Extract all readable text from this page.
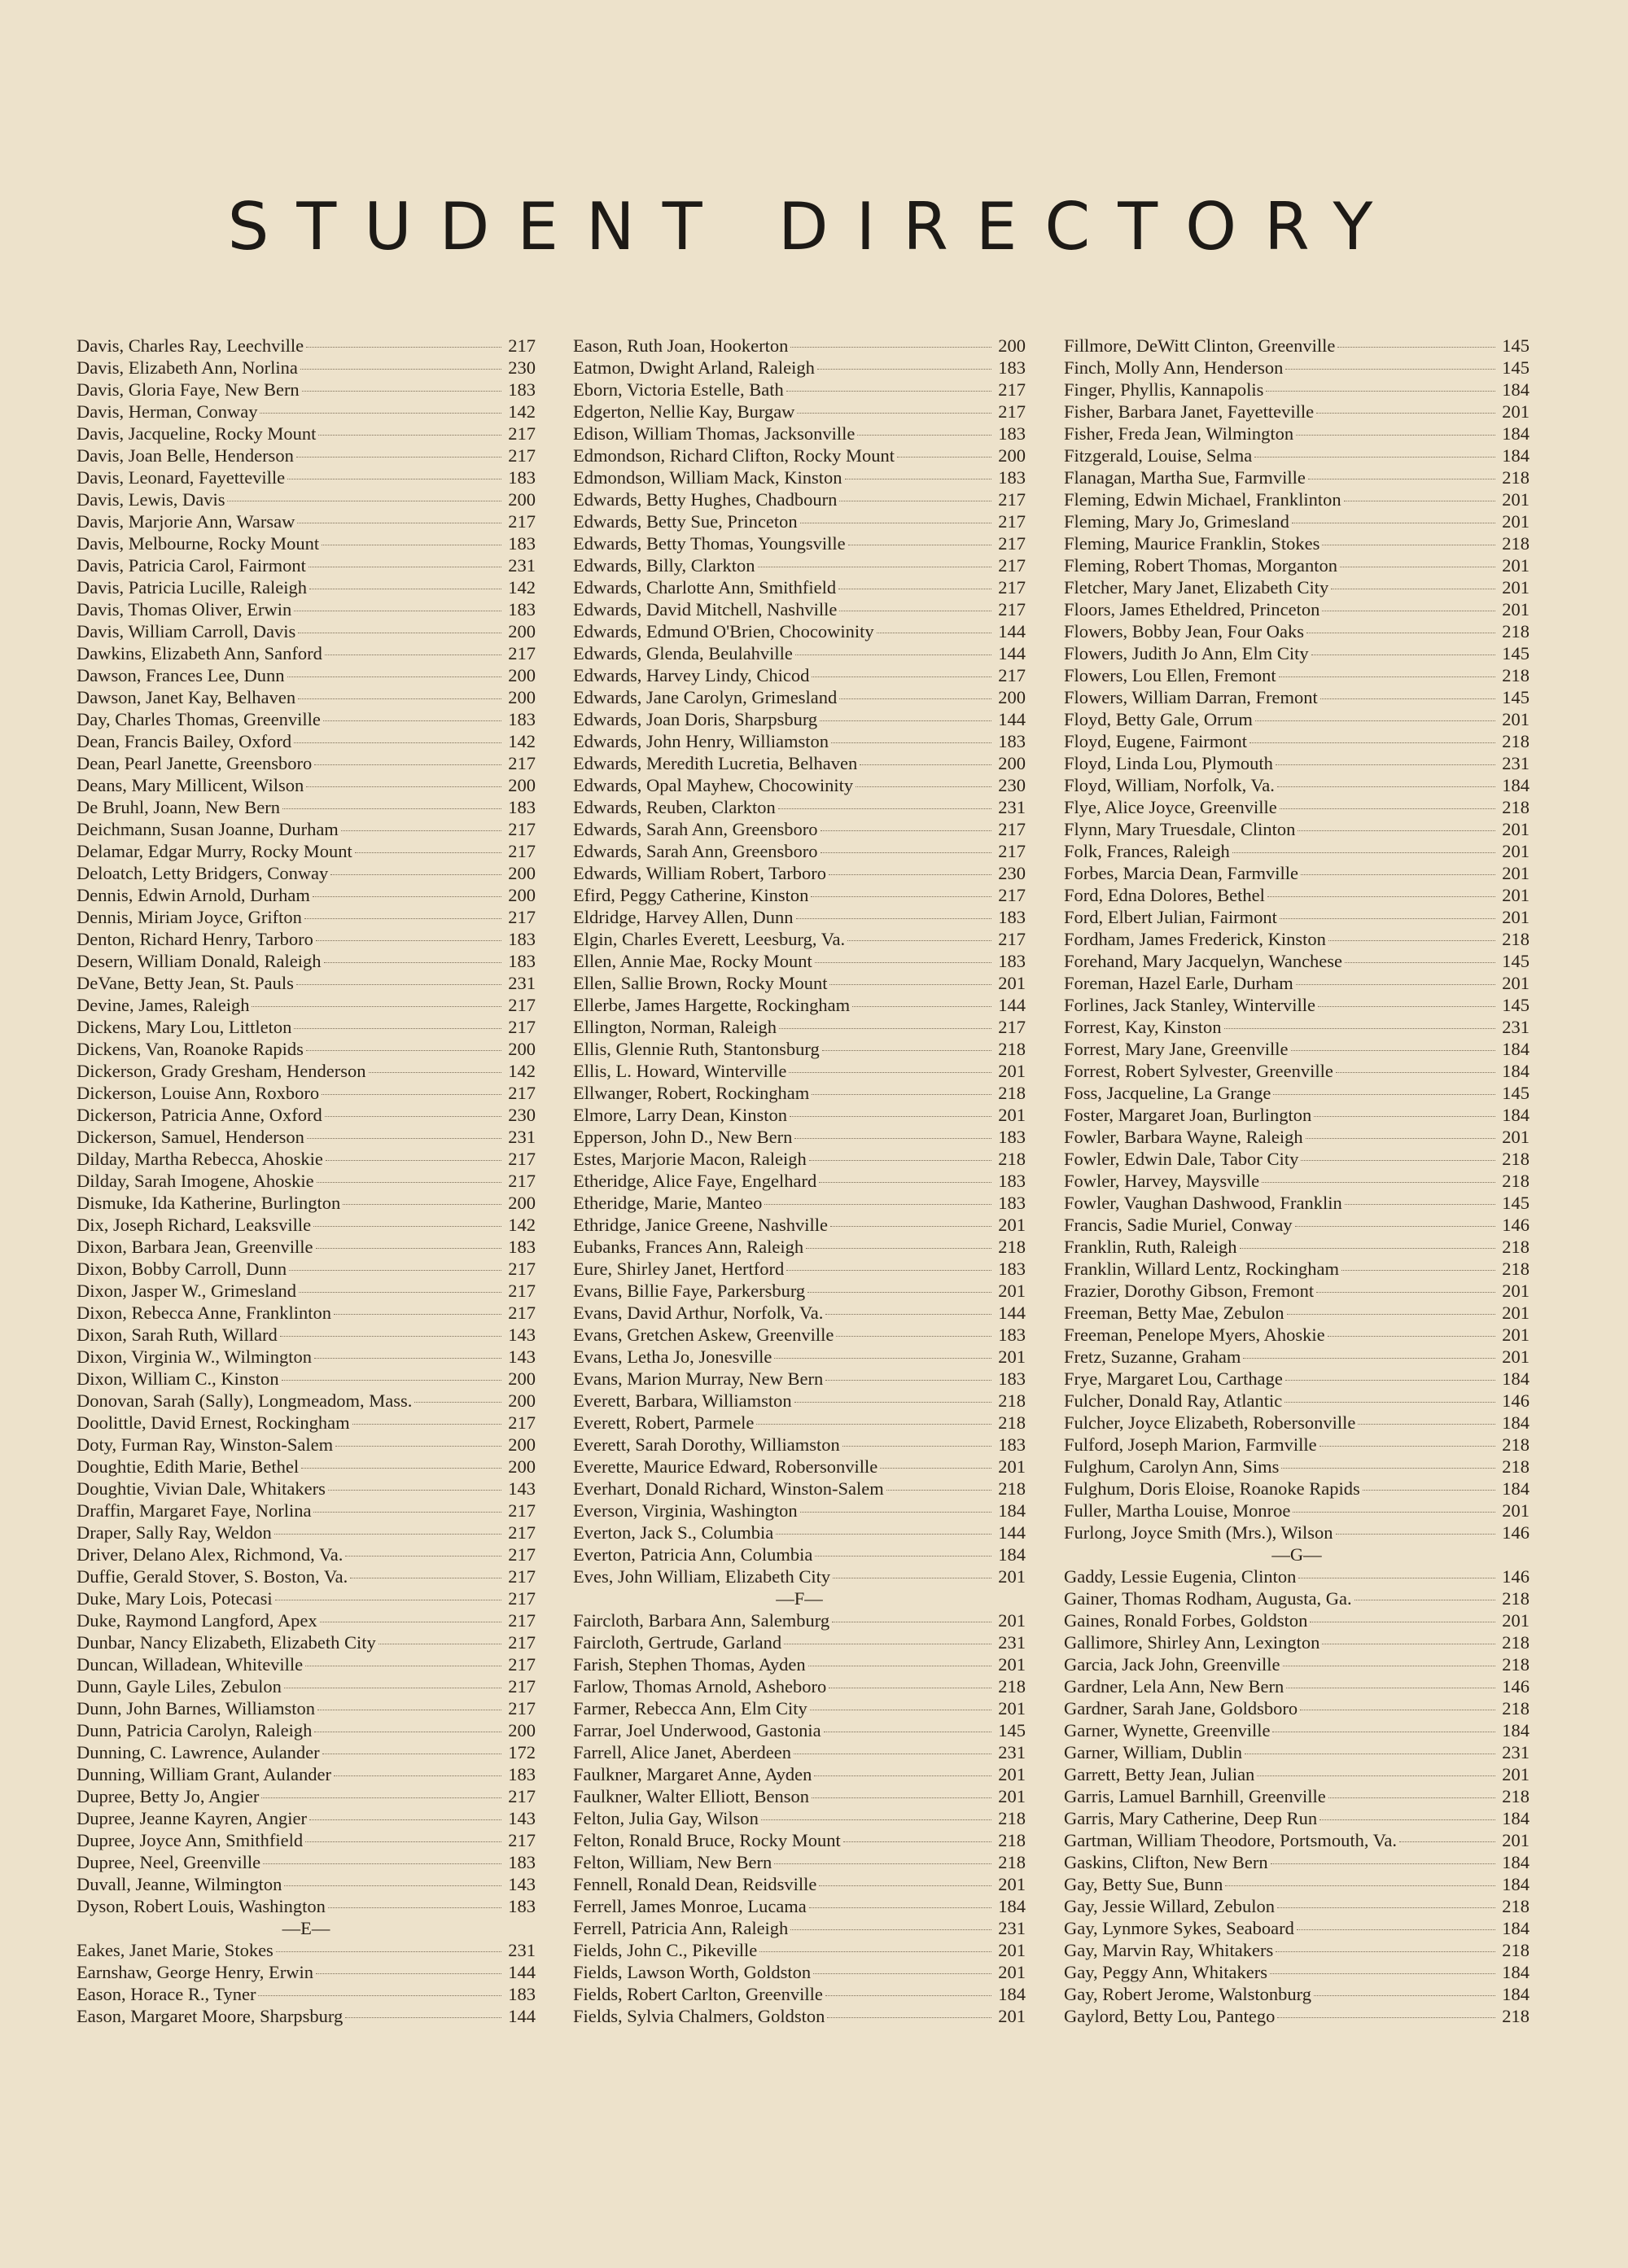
STUDENT DIRECTORY
Davis, Charles Ray, Leechville	217
Davis, Elizabeth Ann, Norlina	230
Davis, Gloria Faye, New Bern	183
Davis, Herman, Conway	142
Davis, Jacqueline, Rocky Mount	217
Davis, Joan Belle, Henderson	217
Davis, Leonard, Fayetteville	183
Davis, Lewis, Davis	200
Davis, Marjorie Ann, Warsaw	217
Davis, Melbourne, Rocky Mount	183
Davis, Patricia Carol, Fairmont	231
Davis, Patricia Lucille, Raleigh	142
Davis, Thomas Oliver, Erwin	183
Davis, William Carroll, Davis	200
Dawkins, Elizabeth Ann, Sanford	217
Dawson, Frances Lee, Dunn	200
Dawson, Janet Kay, Belhaven	200
Day, Charles Thomas, Greenville	183
Dean, Francis Bailey, Oxford	142
Dean, Pearl Janette, Greensboro	217
Deans, Mary Millicent, Wilson	200
De Bruhl, Joann, New Bern	183
Deichmann, Susan Joanne, Durham	217
Delamar, Edgar Murry, Rocky Mount	217
Deloatch, Letty Bridgers, Conway	200
Dennis, Edwin Arnold, Durham	200
Dennis, Miriam Joyce, Grifton	217
Denton, Richard Henry, Tarboro	183
Desern, William Donald, Raleigh	183
DeVane, Betty Jean, St. Pauls	231
Devine, James, Raleigh	217
Dickens, Mary Lou, Littleton	217
Dickens, Van, Roanoke Rapids	200
Dickerson, Grady Gresham, Henderson	142
Dickerson, Louise Ann, Roxboro	217
Dickerson, Patricia Anne, Oxford	230
Dickerson, Samuel, Henderson	231
Dilday, Martha Rebecca, Ahoskie	217
Dilday, Sarah Imogene, Ahoskie	217
Dismuke, Ida Katherine, Burlington	200
Dix, Joseph Richard, Leaksville	142
Dixon, Barbara Jean, Greenville	183
Dixon, Bobby Carroll, Dunn	217
Dixon, Jasper W., Grimesland	217
Dixon, Rebecca Anne, Franklinton	217
Dixon, Sarah Ruth, Willard	143
Dixon, Virginia W., Wilmington	143
Dixon, William C., Kinston	200
Donovan, Sarah (Sally), Longmeadom, Mass.	200
Doolittle, David Ernest, Rockingham	217
Doty, Furman Ray, Winston-Salem	200
Doughtie, Edith Marie, Bethel	200
Doughtie, Vivian Dale, Whitakers	143
Draffin, Margaret Faye, Norlina	217
Draper, Sally Ray, Weldon	217
Driver, Delano Alex, Richmond, Va.	217
Duffie, Gerald Stover, S. Boston, Va.	217
Duke, Mary Lois, Potecasi	217
Duke, Raymond Langford, Apex	217
Dunbar, Nancy Elizabeth, Elizabeth City	217
Duncan, Willadean, Whiteville	217
Dunn, Gayle Liles, Zebulon	217
Dunn, John Barnes, Williamston	217
Dunn, Patricia Carolyn, Raleigh	200
Dunning, C. Lawrence, Aulander	172
Dunning, William Grant, Aulander	183
Dupree, Betty Jo, Angier	217
Dupree, Jeanne Kayren, Angier	143
Dupree, Joyce Ann, Smithfield	217
Dupree, Neel, Greenville	183
Duvall, Jeanne, Wilmington	143
Dyson, Robert Louis, Washington	183
—E—
Eakes, Janet Marie, Stokes	231
Earnshaw, George Henry, Erwin	144
Eason, Horace R., Tyner	183
Eason, Margaret Moore, Sharpsburg	144
Eason, Ruth Joan, Hookerton	200
Eatmon, Dwight Arland, Raleigh	183
Eborn, Victoria Estelle, Bath	217
Edgerton, Nellie Kay, Burgaw	217
Edison, William Thomas, Jacksonville	183
Edmondson, Richard Clifton, Rocky Mount	200
Edmondson, William Mack, Kinston	183
Edwards, Betty Hughes, Chadbourn	217
Edwards, Betty Sue, Princeton	217
Edwards, Betty Thomas, Youngsville	217
Edwards, Billy, Clarkton	217
Edwards, Charlotte Ann, Smithfield	217
Edwards, David Mitchell, Nashville	217
Edwards, Edmund O'Brien, Chocowinity	144
Edwards, Glenda, Beulahville	144
Edwards, Harvey Lindy, Chicod	217
Edwards, Jane Carolyn, Grimesland	200
Edwards, Joan Doris, Sharpsburg	144
Edwards, John Henry, Williamston	183
Edwards, Meredith Lucretia, Belhaven	200
Edwards, Opal Mayhew, Chocowinity	230
Edwards, Reuben, Clarkton	231
Edwards, Sarah Ann, Greensboro	217
Edwards, Sarah Ann, Greensboro	217
Edwards, William Robert, Tarboro	230
Efird, Peggy Catherine, Kinston	217
Eldridge, Harvey Allen, Dunn	183
Elgin, Charles Everett, Leesburg, Va.	217
Ellen, Annie Mae, Rocky Mount	183
Ellen, Sallie Brown, Rocky Mount	201
Ellerbe, James Hargette, Rockingham	144
Ellington, Norman, Raleigh	217
Ellis, Glennie Ruth, Stantonsburg	218
Ellis, L. Howard, Winterville	201
Ellwanger, Robert, Rockingham	218
Elmore, Larry Dean, Kinston	201
Epperson, John D., New Bern	183
Estes, Marjorie Macon, Raleigh	218
Etheridge, Alice Faye, Engelhard	183
Etheridge, Marie, Manteo	183
Ethridge, Janice Greene, Nashville	201
Eubanks, Frances Ann, Raleigh	218
Eure, Shirley Janet, Hertford	183
Evans, Billie Faye, Parkersburg	201
Evans, David Arthur, Norfolk, Va.	144
Evans, Gretchen Askew, Greenville	183
Evans, Letha Jo, Jonesville	201
Evans, Marion Murray, New Bern	183
Everett, Barbara, Williamston	218
Everett, Robert, Parmele	218
Everett, Sarah Dorothy, Williamston	183
Everette, Maurice Edward, Robersonville	201
Everhart, Donald Richard, Winston-Salem	218
Everson, Virginia, Washington	184
Everton, Jack S., Columbia	144
Everton, Patricia Ann, Columbia	184
Eves, John William, Elizabeth City	201
—F—
Faircloth, Barbara Ann, Salemburg	201
Faircloth, Gertrude, Garland	231
Farish, Stephen Thomas, Ayden	201
Farlow, Thomas Arnold, Asheboro	218
Farmer, Rebecca Ann, Elm City	201
Farrar, Joel Underwood, Gastonia	145
Farrell, Alice Janet, Aberdeen	231
Faulkner, Margaret Anne, Ayden	201
Faulkner, Walter Elliott, Benson	201
Felton, Julia Gay, Wilson	218
Felton, Ronald Bruce, Rocky Mount	218
Felton, William, New Bern	218
Fennell, Ronald Dean, Reidsville	201
Ferrell, James Monroe, Lucama	184
Ferrell, Patricia Ann, Raleigh	231
Fields, John C., Pikeville	201
Fields, Lawson Worth, Goldston	201
Fields, Robert Carlton, Greenville	184
Fields, Sylvia Chalmers, Goldston	201
Fillmore, DeWitt Clinton, Greenville	145
Finch, Molly Ann, Henderson	145
Finger, Phyllis, Kannapolis	184
Fisher, Barbara Janet, Fayetteville	201
Fisher, Freda Jean, Wilmington	184
Fitzgerald, Louise, Selma	184
Flanagan, Martha Sue, Farmville	218
Fleming, Edwin Michael, Franklinton	201
Fleming, Mary Jo, Grimesland	201
Fleming, Maurice Franklin, Stokes	218
Fleming, Robert Thomas, Morganton	201
Fletcher, Mary Janet, Elizabeth City	201
Floors, James Etheldred, Princeton	201
Flowers, Bobby Jean, Four Oaks	218
Flowers, Judith Jo Ann, Elm City	145
Flowers, Lou Ellen, Fremont	218
Flowers, William Darran, Fremont	145
Floyd, Betty Gale, Orrum	201
Floyd, Eugene, Fairmont	218
Floyd, Linda Lou, Plymouth	231
Floyd, William, Norfolk, Va.	184
Flye, Alice Joyce, Greenville	218
Flynn, Mary Truesdale, Clinton	201
Folk, Frances, Raleigh	201
Forbes, Marcia Dean, Farmville	201
Ford, Edna Dolores, Bethel	201
Ford, Elbert Julian, Fairmont	201
Fordham, James Frederick, Kinston	218
Forehand, Mary Jacquelyn, Wanchese	145
Foreman, Hazel Earle, Durham	201
Forlines, Jack Stanley, Winterville	145
Forrest, Kay, Kinston	231
Forrest, Mary Jane, Greenville	184
Forrest, Robert Sylvester, Greenville	184
Foss, Jacqueline, La Grange	145
Foster, Margaret Joan, Burlington	184
Fowler, Barbara Wayne, Raleigh	201
Fowler, Edwin Dale, Tabor City	218
Fowler, Harvey, Maysville	218
Fowler, Vaughan Dashwood, Franklin	145
Francis, Sadie Muriel, Conway	146
Franklin, Ruth, Raleigh	218
Franklin, Willard Lentz, Rockingham	218
Frazier, Dorothy Gibson, Fremont	201
Freeman, Betty Mae, Zebulon	201
Freeman, Penelope Myers, Ahoskie	201
Fretz, Suzanne, Graham	201
Frye, Margaret Lou, Carthage	184
Fulcher, Donald Ray, Atlantic	146
Fulcher, Joyce Elizabeth, Robersonville	184
Fulford, Joseph Marion, Farmville	218
Fulghum, Carolyn Ann, Sims	218
Fulghum, Doris Eloise, Roanoke Rapids	184
Fuller, Martha Louise, Monroe	201
Furlong, Joyce Smith (Mrs.), Wilson	146
—G—
Gaddy, Lessie Eugenia, Clinton	146
Gainer, Thomas Rodham, Augusta, Ga.	218
Gaines, Ronald Forbes, Goldston	201
Gallimore, Shirley Ann, Lexington	218
Garcia, Jack John, Greenville	218
Gardner, Lela Ann, New Bern	146
Gardner, Sarah Jane, Goldsboro	218
Garner, Wynette, Greenville	184
Garner, William, Dublin	231
Garrett, Betty Jean, Julian	201
Garris, Lamuel Barnhill, Greenville	218
Garris, Mary Catherine, Deep Run	184
Gartman, William Theodore, Portsmouth, Va.	201
Gaskins, Clifton, New Bern	184
Gay, Betty Sue, Bunn	184
Gay, Jessie Willard, Zebulon	218
Gay, Lynmore Sykes, Seaboard	184
Gay, Marvin Ray, Whitakers	218
Gay, Peggy Ann, Whitakers	184
Gay, Robert Jerome, Walstonburg	184
Gaylord, Betty Lou, Pantego	218
